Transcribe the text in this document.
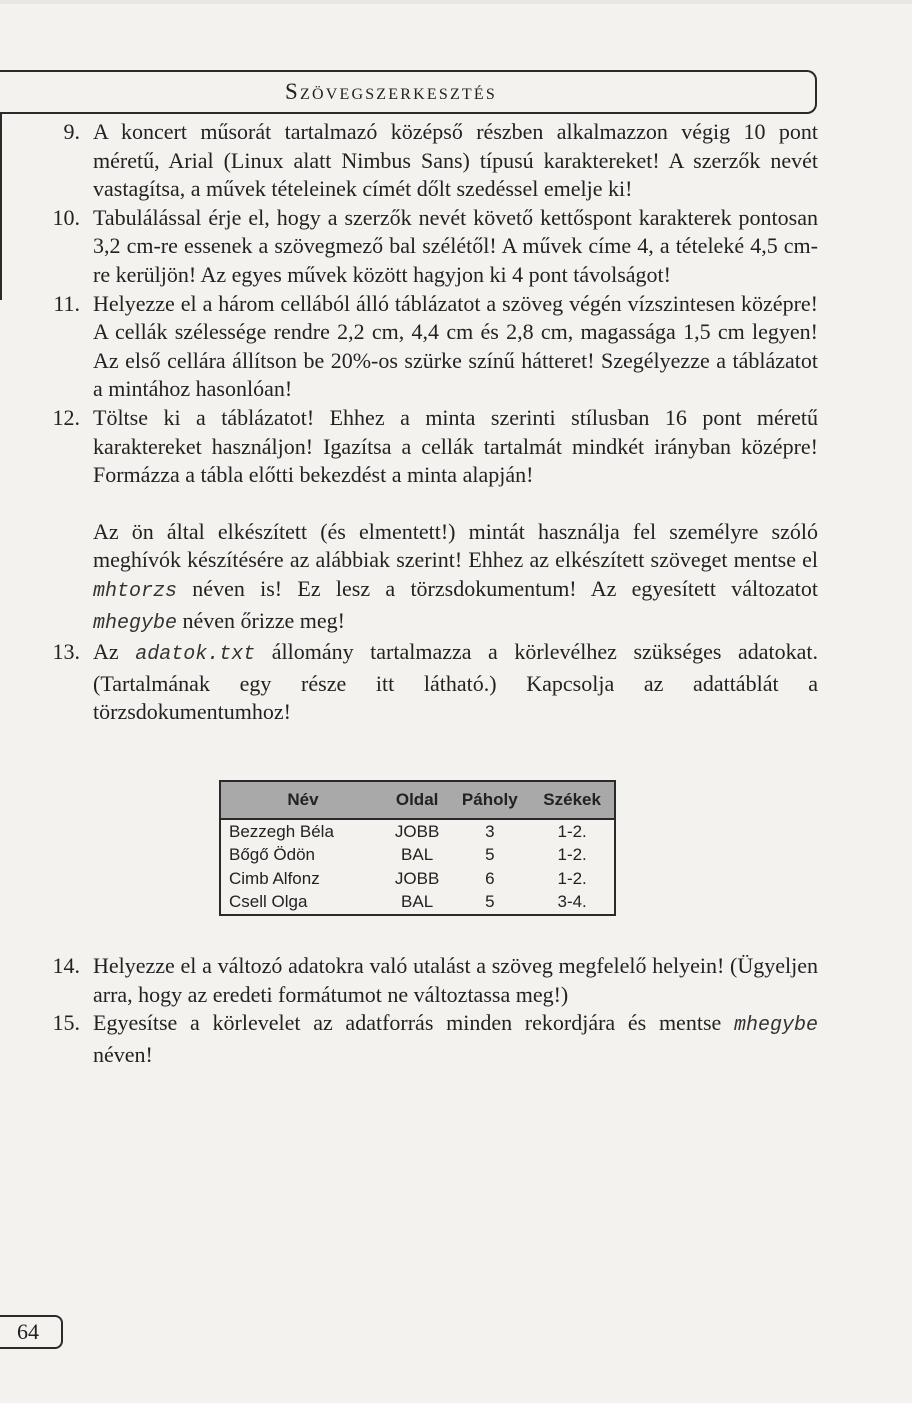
Szövegszerkesztés
9. A koncert műsorát tartalmazó középső részben alkalmazzon végig 10 pont méretű, Arial (Linux alatt Nimbus Sans) típusú karaktereket! A szerzők nevét vastagítsa, a művek tételeinek címét dőlt szedéssel emelje ki!
10. Tabulálással érje el, hogy a szerzők nevét követő kettőspont karakterek pontosan 3,2 cm-re essenek a szövegmező bal szélétől! A művek címe 4, a tételeké 4,5 cm-re kerüljön! Az egyes művek között hagyjon ki 4 pont távolságot!
11. Helyezze el a három cellából álló táblázatot a szöveg végén vízszintesen középre! A cellák szélessége rendre 2,2 cm, 4,4 cm és 2,8 cm, magassága 1,5 cm legyen! Az első cellára állítson be 20%-os szürke színű hátteret! Szegélyezze a táblázatot a mintához hasonlóan!
12. Töltse ki a táblázatot! Ehhez a minta szerinti stílusban 16 pont méretű karaktereket használjon! Igazítsa a cellák tartalmát mindkét irányban középre! Formázza a tábla előtti bekezdést a minta alapján!

Az ön által elkészített (és elmentett!) mintát használja fel személyre szóló meghívók készítésére az alábbiak szerint! Ehhez az elkészített szöveget mentse el mhtorzs néven is! Ez lesz a törzsdokumentum! Az egyesített változatot mhegybe néven őrizze meg!

13. Az adatok.txt állomány tartalmazza a körlevélhez szükséges adatokat. (Tartalmának egy része itt látható.) Kapcsolja az adattáblát a törzsdokumentumhoz!
Név	Oldal	Páholy	Székek
Bezzegh Béla	JOBB	3	1-2.
Bőgő Ödön	BAL	5	1-2.
Cimb Alfonz	JOBB	6	1-2.
Csell Olga	BAL	5	3-4.
14. Helyezze el a változó adatokra való utalást a szöveg megfelelő helyein! (Ügyeljen arra, hogy az eredeti formátumot ne változtassa meg!)
15. Egyesítse a körlevelet az adatforrás minden rekordjára és mentse mhegybe néven!
64
